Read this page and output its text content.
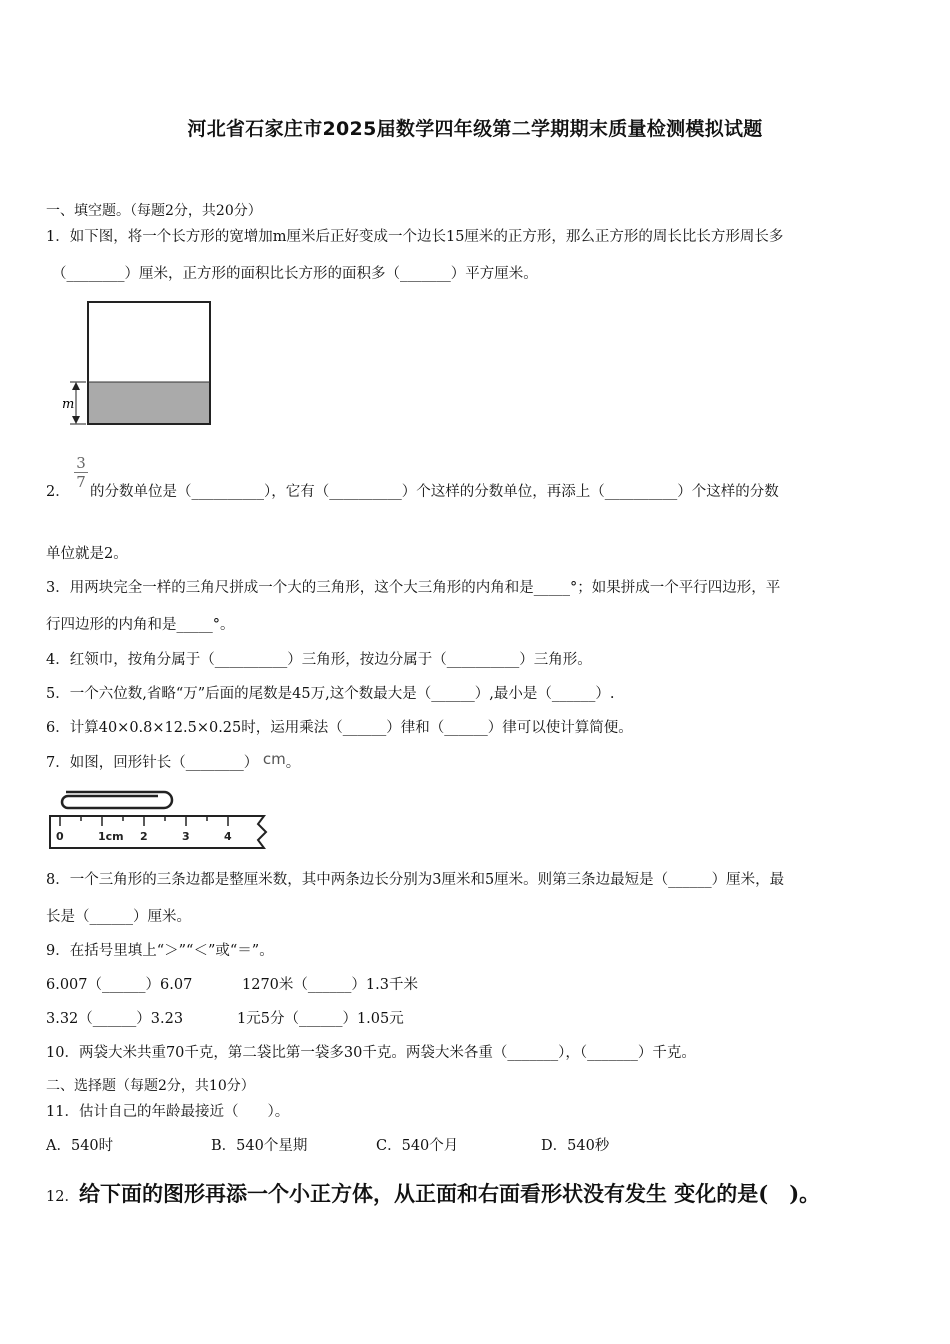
河北省石家庄市2025届数学四年级第二学期期末质量检测模拟试题
一、填空题。（每题2分，共20分）
1．如下图，将一个长方形的宽增加m厘米后正好变成一个边长15厘米的正方形，那么正方形的周长比长方形周长多
（________）厘米，正方形的面积比长方形的面积多（_______）平方厘米。
m
2．
3
7
的分数单位是（__________），它有（__________）个这样的分数单位，再添上（__________）个这样的分数
单位就是2。
3．用两块完全一样的三角尺拼成一个大的三角形，这个大三角形的内角和是_____°；如果拼成一个平行四边形，平
行四边形的内角和是_____°。
4．红领巾，按角分属于（__________）三角形，按边分属于（__________）三角形。
5．一个六位数,省略“万”后面的尾数是45万,这个数最大是（______）,最小是（______）.
6．计算40×0.8×12.5×0.25时，运用乘法（______）律和（______）律可以使计算简便。
7．如图，回形针长（________） cm。
0	1cm 2	3	4
8．一个三角形的三条边都是整厘米数，其中两条边长分别为3厘米和5厘米。则第三条边最短是（______）厘米，最
长是（______）厘米。
9．在括号里填上“＞”“＜”或“＝”。
6.007（______）6.07	1270米（______）1.3千米
3.32（______）3.23	1元5分（______）1.05元
10．两袋大米共重70千克，第二袋比第一袋多30千克。两袋大米各重（_______），（_______）千克。
二、选择题（每题2分，共10分）
11．估计自己的年龄最接近（　　）。
A．540时	B．540个星期	C．540个月	D．540秒
12．给下面的图形再添一个小正方体，从正面和右面看形状没有发生 变化的是(　)。
